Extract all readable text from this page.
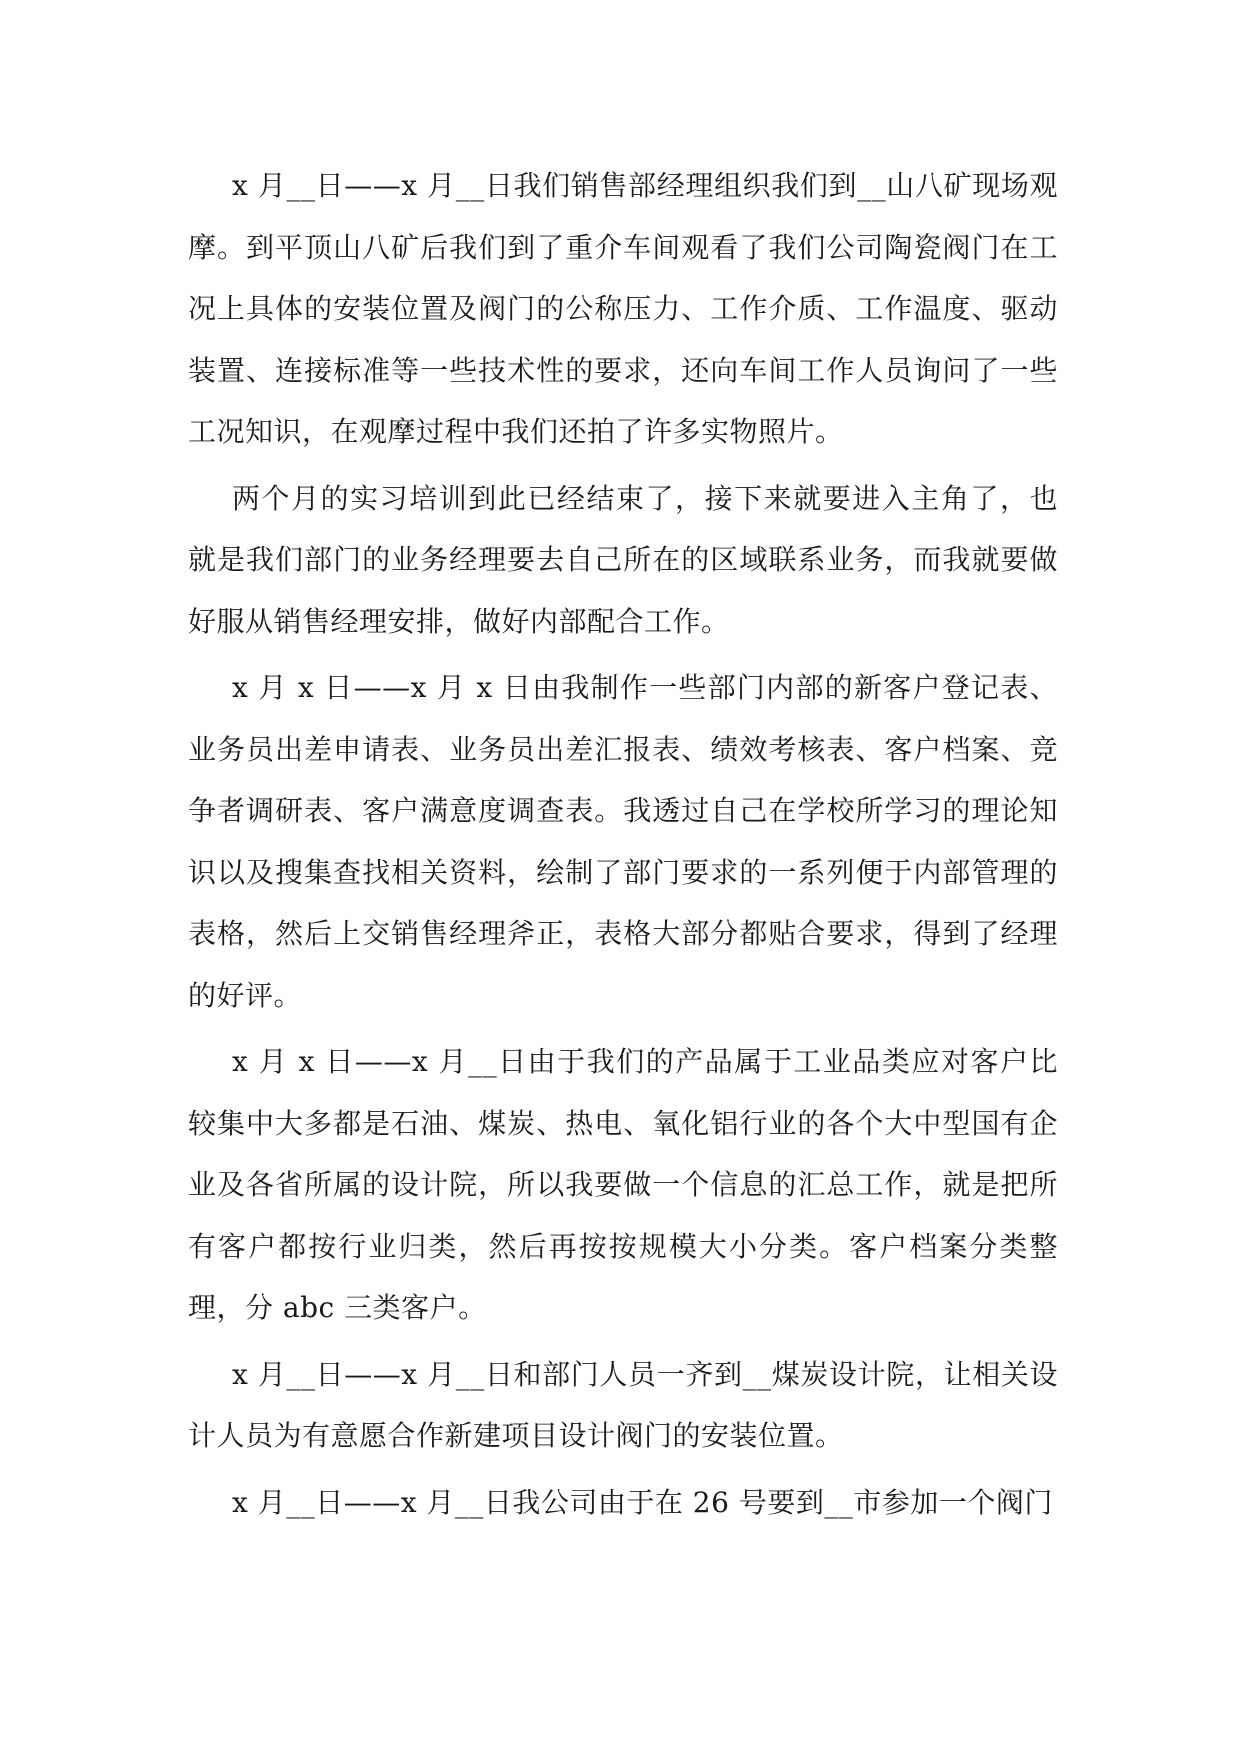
x 月__日——x 月__日我们销售部经理组织我们到__山八矿现场观摩。到平顶山八矿后我们到了重介车间观看了我们公司陶瓷阀门在工况上具体的安装位置及阀门的公称压力、工作介质、工作温度、驱动装置、连接标准等一些技术性的要求，还向车间工作人员询问了一些工况知识，在观摩过程中我们还拍了许多实物照片。

两个月的实习培训到此已经结束了，接下来就要进入主角了，也就是我们部门的业务经理要去自己所在的区域联系业务，而我就要做好服从销售经理安排，做好内部配合工作。

x 月 x 日——x 月 x 日由我制作一些部门内部的新客户登记表、业务员出差申请表、业务员出差汇报表、绩效考核表、客户档案、竞争者调研表、客户满意度调查表。我透过自己在学校所学习的理论知识以及搜集查找相关资料，绘制了部门要求的一系列便于内部管理的表格，然后上交销售经理斧正，表格大部分都贴合要求，得到了经理的好评。

x 月 x 日——x 月__日由于我们的产品属于工业品类应对客户比较集中大多都是石油、煤炭、热电、氧化铝行业的各个大中型国有企业及各省所属的设计院，所以我要做一个信息的汇总工作，就是把所有客户都按行业归类，然后再按按规模大小分类。客户档案分类整理，分 abc 三类客户。

x 月__日——x 月__日和部门人员一齐到__煤炭设计院，让相关设计人员为有意愿合作新建项目设计阀门的安装位置。

x 月__日——x 月__日我公司由于在 26 号要到__市参加一个阀门
